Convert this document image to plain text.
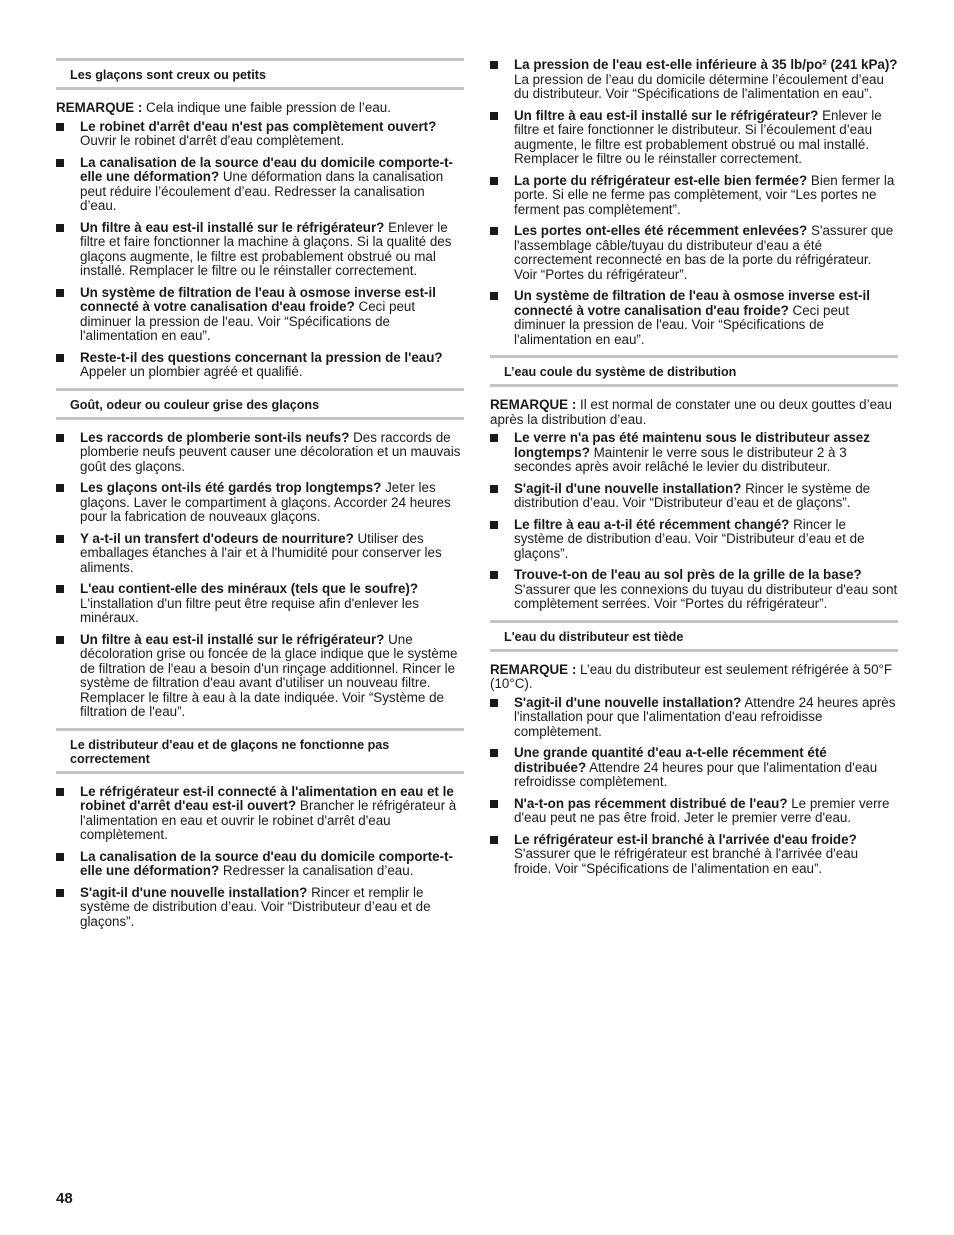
Les glaçons sont creux ou petits

REMARQUE : Cela indique une faible pression de l’eau.

Le robinet d'arrêt d'eau n'est pas complètement ouvert? Ouvrir le robinet d'arrêt d'eau complètement.
La canalisation de la source d'eau du domicile comporte-t-elle une déformation? Une déformation dans la canalisation peut réduire l’écoulement d’eau. Redresser la canalisation d’eau.
Un filtre à eau est-il installé sur le réfrigérateur? Enlever le filtre et faire fonctionner la machine à glaçons. Si la qualité des glaçons augmente, le filtre est probablement obstrué ou mal installé. Remplacer le filtre ou le réinstaller correctement.
Un système de filtration de l'eau à osmose inverse est-il connecté à votre canalisation d'eau froide? Ceci peut diminuer la pression de l'eau. Voir “Spécifications de l'alimentation en eau”.
Reste-t-il des questions concernant la pression de l'eau? Appeler un plombier agréé et qualifié.
Goût, odeur ou couleur grise des glaçons
Les raccords de plomberie sont-ils neufs? Des raccords de plomberie neufs peuvent causer une décoloration et un mauvais goût des glaçons.
Les glaçons ont-ils été gardés trop longtemps? Jeter les glaçons. Laver le compartiment à glaçons. Accorder 24 heures pour la fabrication de nouveaux glaçons.
Y a-t-il un transfert d'odeurs de nourriture? Utiliser des emballages étanches à l'air et à l'humidité pour conserver les aliments.
L'eau contient-elle des minéraux (tels que le soufre)? L'installation d'un filtre peut être requise afin d'enlever les minéraux.
Un filtre à eau est-il installé sur le réfrigérateur? Une décoloration grise ou foncée de la glace indique que le système de filtration de l'eau a besoin d'un rinçage additionnel. Rincer le système de filtration d'eau avant d'utiliser un nouveau filtre. Remplacer le filtre à eau à la date indiquée. Voir “Système de filtration de l'eau”.
Le distributeur d'eau et de glaçons ne fonctionne pas correctement
Le réfrigérateur est-il connecté à l'alimentation en eau et le robinet d'arrêt d'eau est-il ouvert? Brancher le réfrigérateur à l'alimentation en eau et ouvrir le robinet d'arrêt d'eau complètement.
La canalisation de la source d'eau du domicile comporte-t-elle une déformation? Redresser la canalisation d’eau.
S'agit-il d'une nouvelle installation? Rincer et remplir le système de distribution d’eau. Voir “Distributeur d’eau et de glaçons”.
La pression de l'eau est-elle inférieure à 35 lb/po² (241 kPa)? La pression de l’eau du domicile détermine l’écoulement d’eau du distributeur. Voir “Spécifications de l'alimentation en eau”.
Un filtre à eau est-il installé sur le réfrigérateur? Enlever le filtre et faire fonctionner le distributeur. Si l’écoulement d’eau augmente, le filtre est probablement obstrué ou mal installé. Remplacer le filtre ou le réinstaller correctement.
La porte du réfrigérateur est-elle bien fermée? Bien fermer la porte. Si elle ne ferme pas complètement, voir “Les portes ne ferment pas complètement”.
Les portes ont-elles été récemment enlevées? S'assurer que l'assemblage câble/tuyau du distributeur d'eau a été correctement reconnecté en bas de la porte du réfrigérateur. Voir “Portes du réfrigérateur”.
Un système de filtration de l'eau à osmose inverse est-il connecté à votre canalisation d'eau froide? Ceci peut diminuer la pression de l'eau. Voir “Spécifications de l'alimentation en eau”.
L’eau coule du système de distribution

REMARQUE : Il est normal de constater une ou deux gouttes d’eau après la distribution d’eau.

Le verre n'a pas été maintenu sous le distributeur assez longtemps? Maintenir le verre sous le distributeur 2 à 3 secondes après avoir relâché le levier du distributeur.
S'agit-il d'une nouvelle installation? Rincer le système de distribution d’eau. Voir “Distributeur d’eau et de glaçons”.
Le filtre à eau a-t-il été récemment changé? Rincer le système de distribution d’eau. Voir “Distributeur d’eau et de glaçons”.
Trouve-t-on de l'eau au sol près de la grille de la base? S'assurer que les connexions du tuyau du distributeur d'eau sont complètement serrées. Voir “Portes du réfrigérateur”.
L'eau du distributeur est tiède

REMARQUE : L’eau du distributeur est seulement réfrigérée à 50°F (10°C).

S'agit-il d'une nouvelle installation? Attendre 24 heures après l'installation pour que l'alimentation d'eau refroidisse complètement.
Une grande quantité d'eau a-t-elle récemment été distribuée? Attendre 24 heures pour que l'alimentation d'eau refroidisse complètement.
N'a-t-on pas récemment distribué de l'eau? Le premier verre d'eau peut ne pas être froid. Jeter le premier verre d'eau.
Le réfrigérateur est-il branché à l'arrivée d'eau froide? S'assurer que le réfrigérateur est branché à l'arrivée d'eau froide. Voir “Spécifications de l’alimentation en eau”.
48
